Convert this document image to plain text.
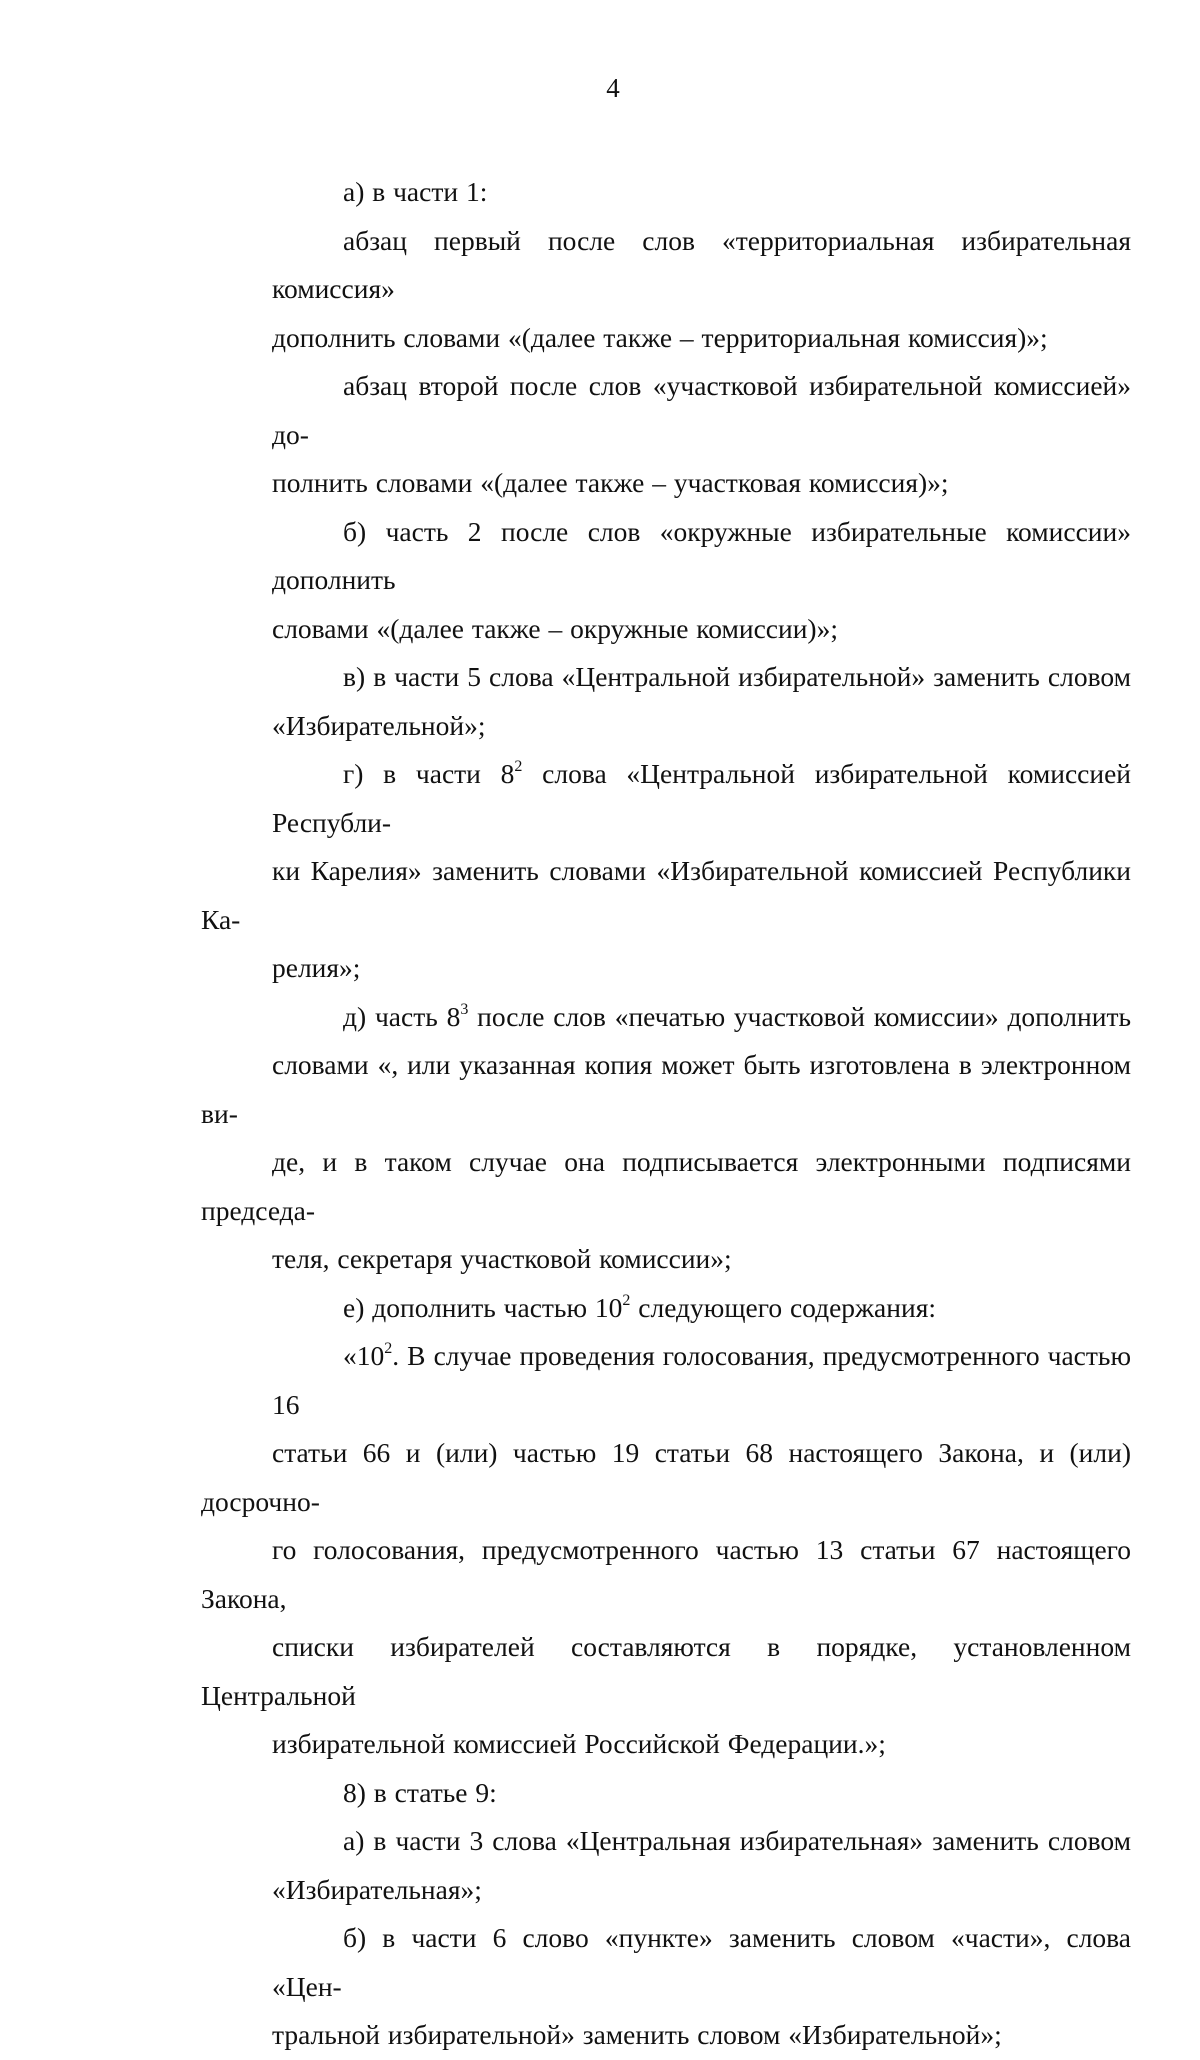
4
а) в части 1:
абзац первый после слов «территориальная избирательная комиссия»
дополнить словами «(далее также – территориальная комиссия)»;
абзац второй после слов «участковой избирательной комиссией» до-
полнить словами «(далее также – участковая комиссия)»;
б) часть 2 после слов «окружные избирательные комиссии» дополнить
словами «(далее также – окружные комиссии)»;
в) в части 5 слова «Центральной избирательной» заменить словом
«Избирательной»;
г) в части $8^2$ слова «Центральной избирательной комиссией Республи-
ки Карелия» заменить словами «Избирательной комиссией Республики Ка-
релия»;
д) часть $8^3$ после слов «печатью участковой комиссии» дополнить
словами «, или указанная копия может быть изготовлена в электронном ви-
де, и в таком случае она подписывается электронными подписями председа-
теля, секретаря участковой комиссии»;
е) дополнить частью $10^2$ следующего содержания:
«$10^2$. В случае проведения голосования, предусмотренного частью 16
статьи 66 и (или) частью 19 статьи 68 настоящего Закона, и (или) досрочно-
го голосования, предусмотренного частью 13 статьи 67 настоящего Закона,
списки избирателей составляются в порядке, установленном Центральной
избирательной комиссией Российской Федерации.»;
8) в статье 9:
а) в части 3 слова «Центральная избирательная» заменить словом
«Избирательная»;
б) в части 6 слово «пункте» заменить словом «части», слова «Цен-
тральной избирательной» заменить словом «Избирательной»;
